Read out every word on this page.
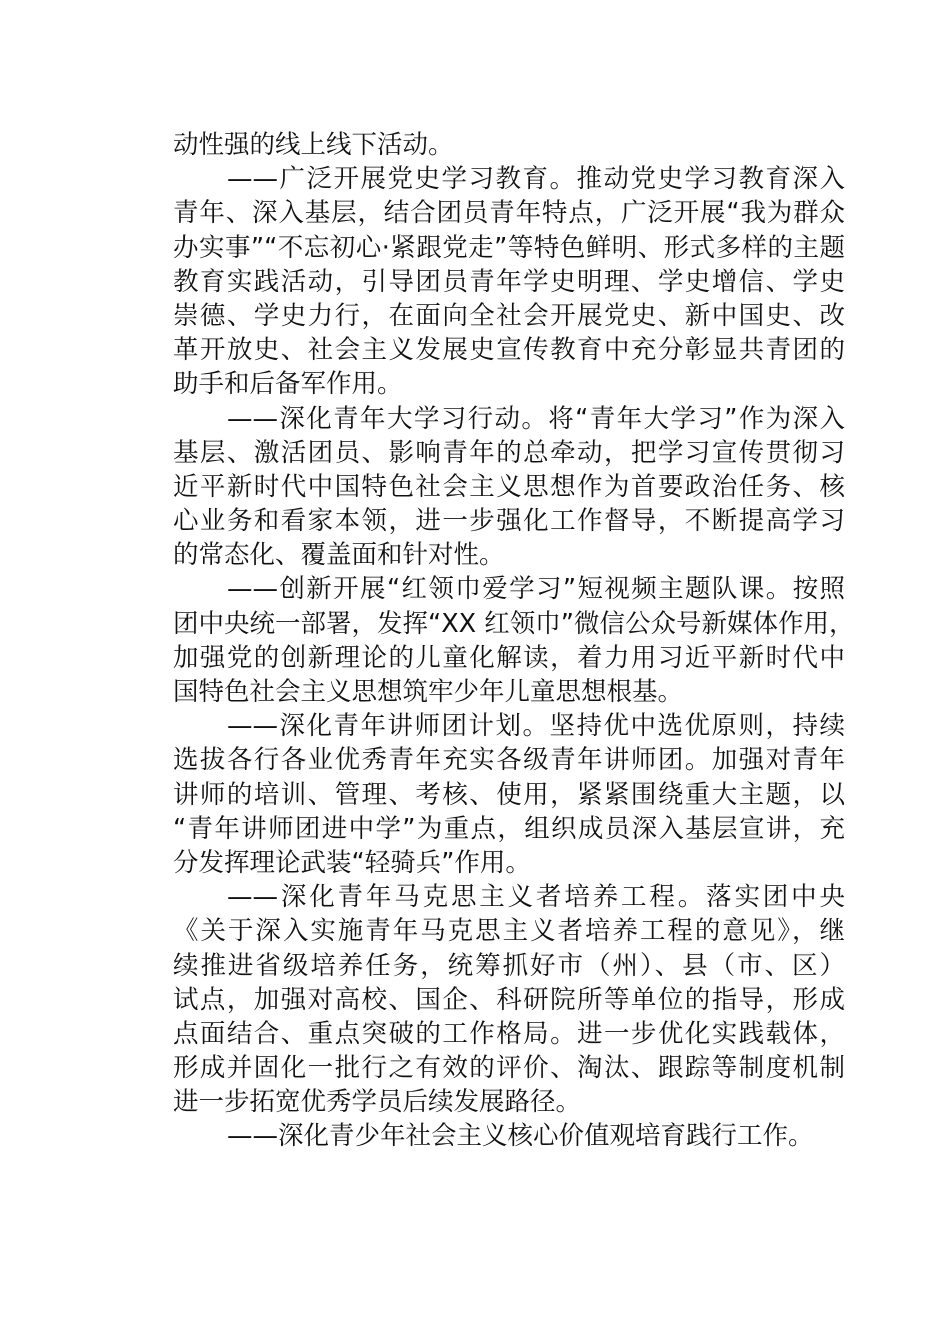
动性强的线上线下活动。
——广泛开展党史学习教育。推动党史学习教育深入
青年、深入基层，结合团员青年特点，广泛开展“我为群众
办实事”“不忘初心·紧跟党走”等特色鲜明、形式多样的主题
教育实践活动，引导团员青年学史明理、学史增信、学史
崇德、学史力行，在面向全社会开展党史、新中国史、改
革开放史、社会主义发展史宣传教育中充分彰显共青团的
助手和后备军作用。
——深化青年大学习行动。将“青年大学习”作为深入
基层、激活团员、影响青年的总牵动，把学习宣传贯彻习
近平新时代中国特色社会主义思想作为首要政治任务、核
心业务和看家本领，进一步强化工作督导，不断提高学习
的常态化、覆盖面和针对性。
——创新开展“红领巾爱学习”短视频主题队课。按照
团中央统一部署，发挥“XX 红领巾”微信公众号新媒体作用，
加强党的创新理论的儿童化解读，着力用习近平新时代中
国特色社会主义思想筑牢少年儿童思想根基。
——深化青年讲师团计划。坚持优中选优原则，持续
选拔各行各业优秀青年充实各级青年讲师团。加强对青年
讲师的培训、管理、考核、使用，紧紧围绕重大主题，以
“青年讲师团进中学”为重点，组织成员深入基层宣讲，充
分发挥理论武装“轻骑兵”作用。
——深化青年马克思主义者培养工程。落实团中央
《关于深入实施青年马克思主义者培养工程的意见》，继
续推进省级培养任务，统筹抓好市（州）、县（市、区）
试点，加强对高校、国企、科研院所等单位的指导，形成
点面结合、重点突破的工作格局。进一步优化实践载体，
形成并固化一批行之有效的评价、淘汰、跟踪等制度机制
进一步拓宽优秀学员后续发展路径。
——深化青少年社会主义核心价值观培育践行工作。
